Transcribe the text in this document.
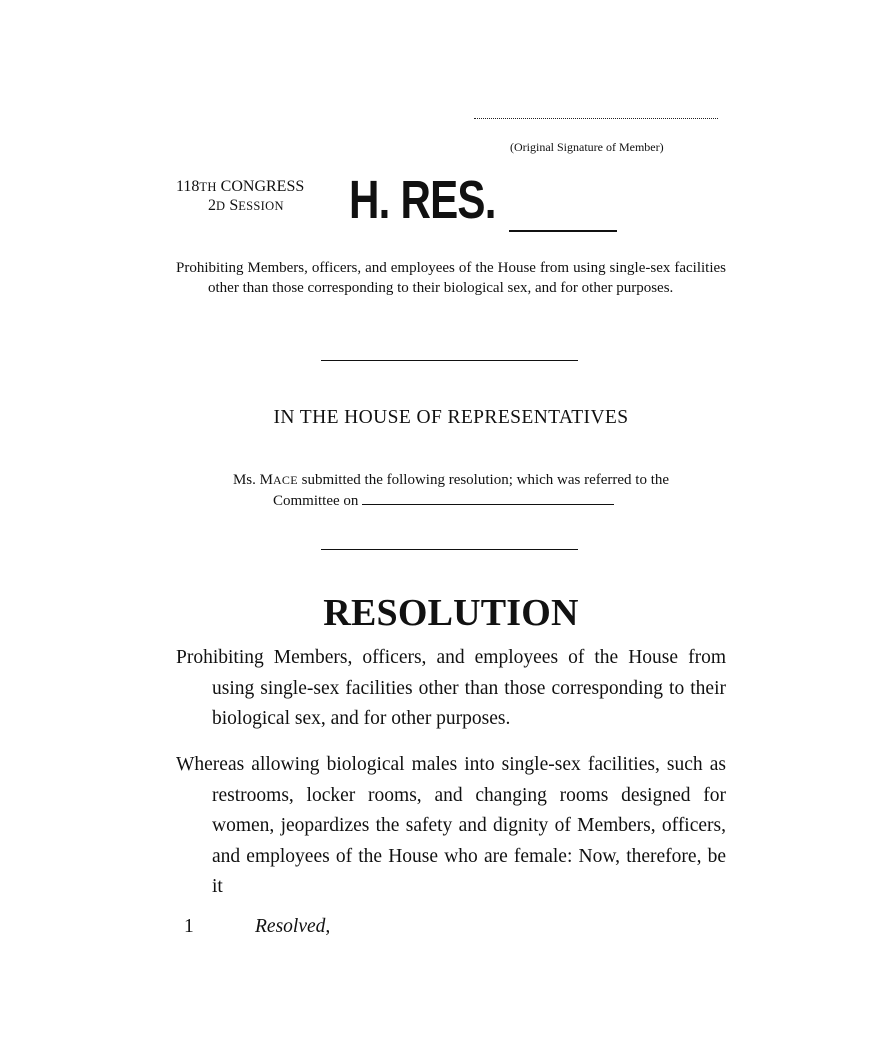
(Original Signature of Member)
118TH CONGRESS
2D SESSION H. RES.
Prohibiting Members, officers, and employees of the House from using single-sex facilities other than those corresponding to their biological sex, and for other purposes.
IN THE HOUSE OF REPRESENTATIVES
Ms. MACE submitted the following resolution; which was referred to the
Committee on
RESOLUTION
Prohibiting Members, officers, and employees of the House from using single-sex facilities other than those corresponding to their biological sex, and for other purposes.
Whereas allowing biological males into single-sex facilities, such as restrooms, locker rooms, and changing rooms designed for women, jeopardizes the safety and dignity of Members, officers, and employees of the House who are female: Now, therefore, be it
1	Resolved,
